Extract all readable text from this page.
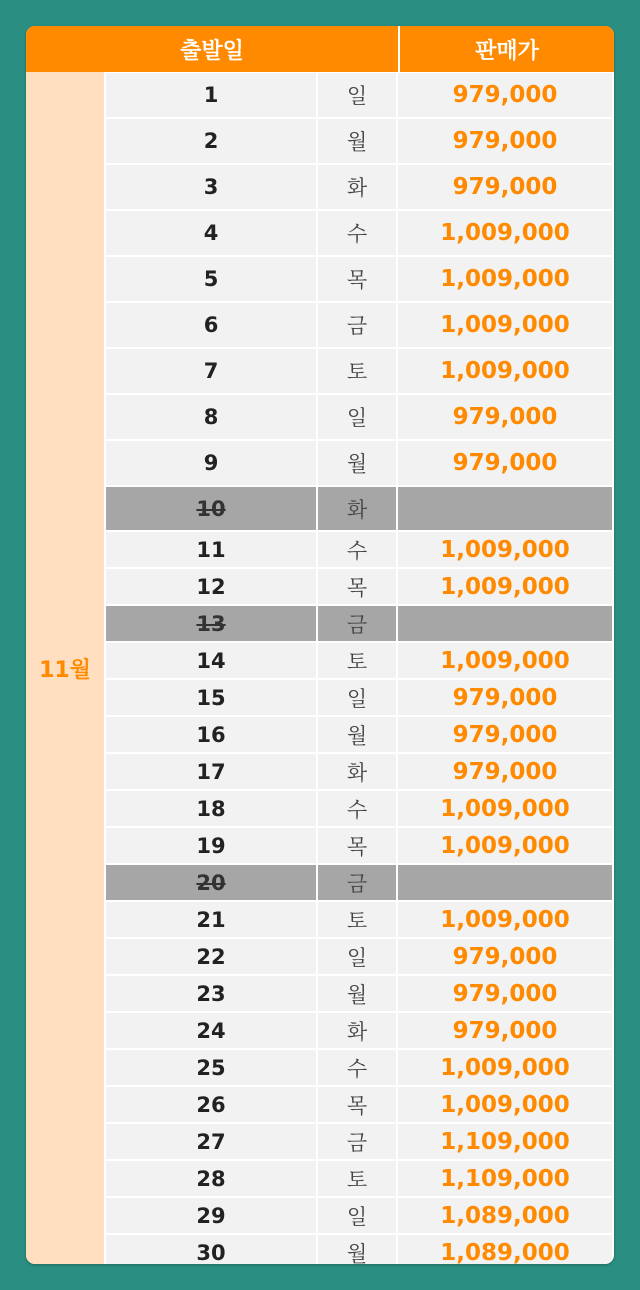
출발일	판매가
11월
1	일	979,000
2	월	979,000
3	화	979,000
4	수	1,009,000
5	목	1,009,000
6	금	1,009,000
7	토	1,009,000
8	일	979,000
9	월	979,000
10	화
11	수	1,009,000
12	목	1,009,000
13	금
14	토	1,009,000
15	일	979,000
16	월	979,000
17	화	979,000
18	수	1,009,000
19	목	1,009,000
20	금
21	토	1,009,000
22	일	979,000
23	월	979,000
24	화	979,000
25	수	1,009,000
26	목	1,009,000
27	금	1,109,000
28	토	1,109,000
29	일	1,089,000
30	월	1,089,000
